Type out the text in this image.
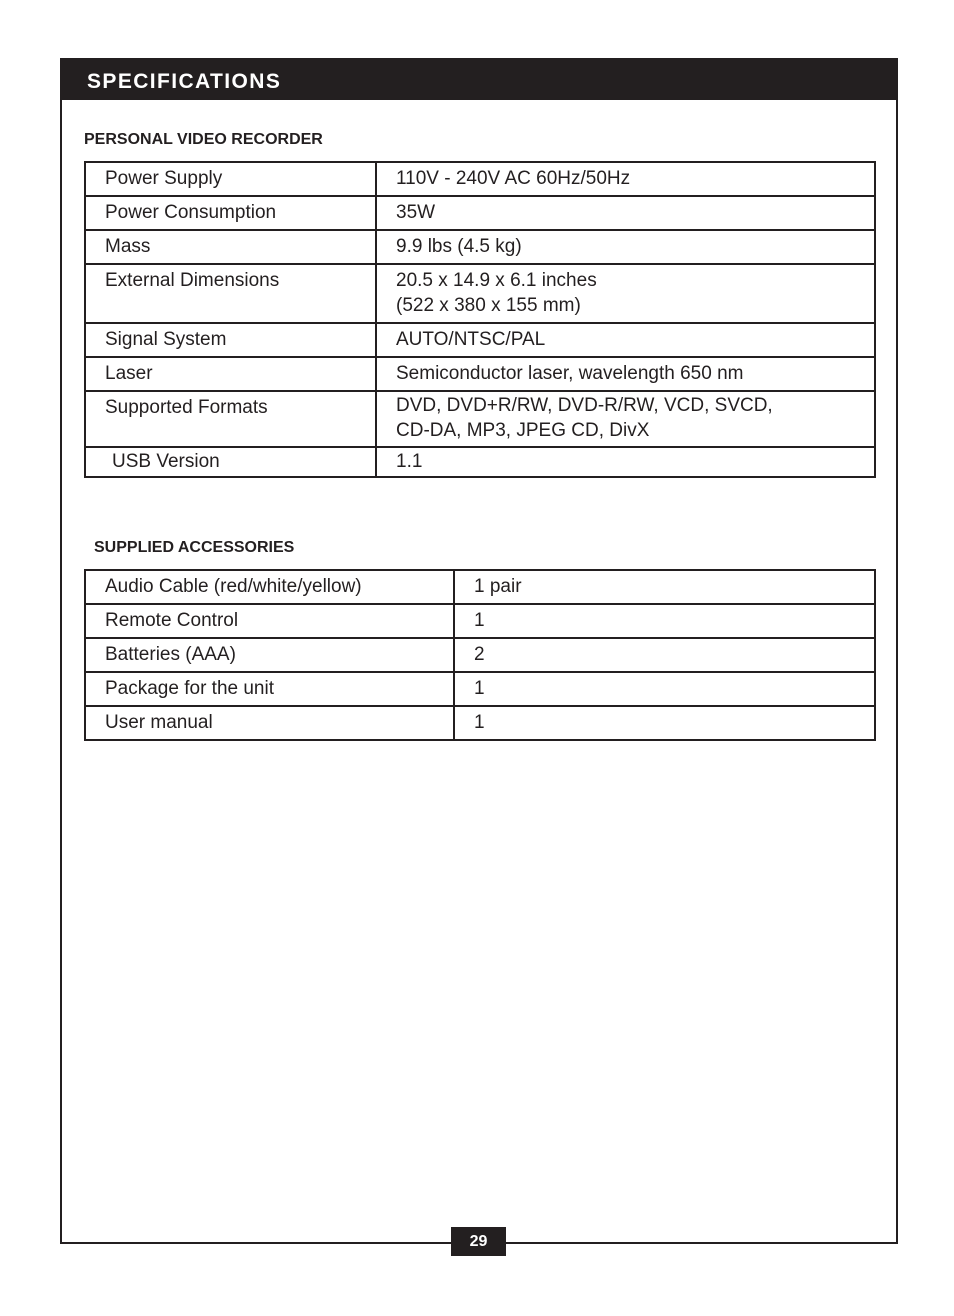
SPECIFICATIONS
PERSONAL VIDEO RECORDER
Power Supply	110V - 240V AC 60Hz/50Hz

Power Consumption	35W

Mass	9.9 lbs (4.5 kg)

External Dimensions	20.5 x 14.9 x 6.1 inches
(522 x 380 x 155 mm)

Signal System	AUTO/NTSC/PAL

Laser	Semiconductor laser, wavelength 650 nm

Supported Formats	DVD, DVD+R/RW, DVD-R/RW, VCD, SVCD,
CD-DA, MP3, JPEG CD, DivX

USB Version	1.1
SUPPLIED ACCESSORIES
Audio Cable (red/white/yellow)	1 pair
Remote Control	1
Batteries (AAA)	2
Package for the unit	1
User manual	1
29
